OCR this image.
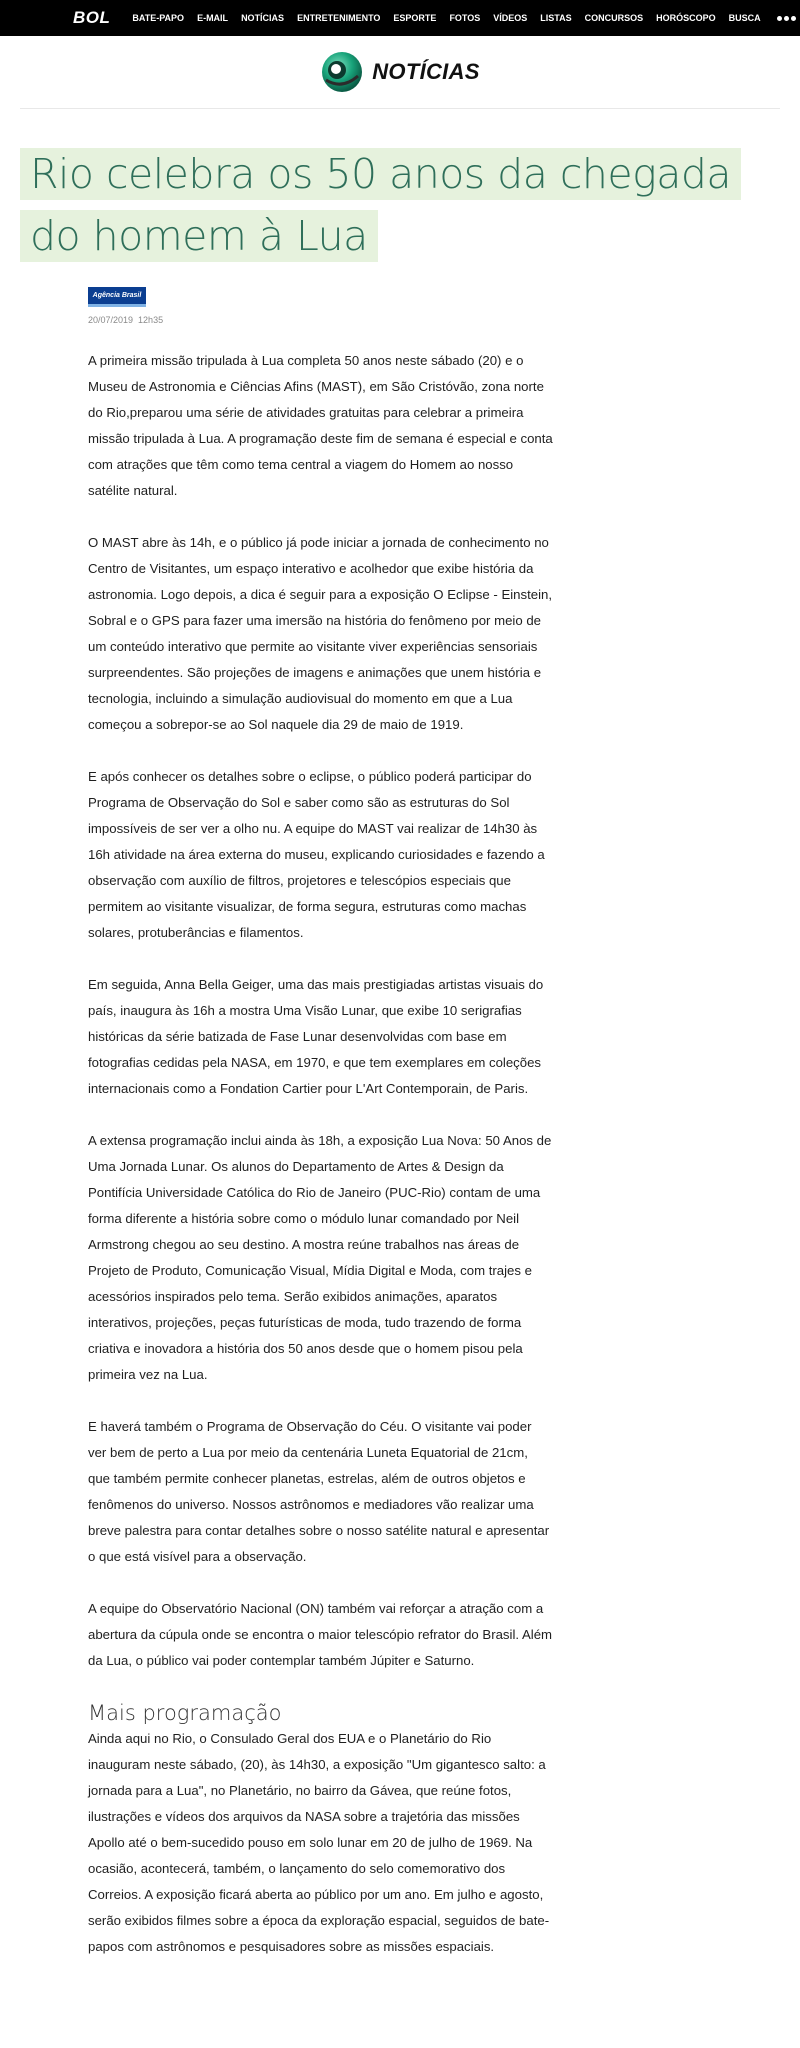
BOL BATE-PAPO E-MAIL NOTÍCIAS ENTRETENIMENTO ESPORTE FOTOS VÍDEOS LISTAS CONCURSOS HORÓSCOPO BUSCA
NOTÍCIAS
Rio celebra os 50 anos da chegada do homem à Lua
Agência Brasil
20/07/2019 12h35

A primeira missão tripulada à Lua completa 50 anos neste sábado (20) e o Museu de Astronomia e Ciências Afins (MAST), em São Cristóvão, zona norte do Rio,preparou uma série de atividades gratuitas para celebrar a primeira missão tripulada à Lua. A programação deste fim de semana é especial e conta com atrações que têm como tema central a viagem do Homem ao nosso satélite natural.

O MAST abre às 14h, e o público já pode iniciar a jornada de conhecimento no Centro de Visitantes, um espaço interativo e acolhedor que exibe história da astronomia. Logo depois, a dica é seguir para a exposição O Eclipse - Einstein, Sobral e o GPS para fazer uma imersão na história do fenômeno por meio de um conteúdo interativo que permite ao visitante viver experiências sensoriais surpreendentes. São projeções de imagens e animações que unem história e tecnologia, incluindo a simulação audiovisual do momento em que a Lua começou a sobrepor-se ao Sol naquele dia 29 de maio de 1919.

E após conhecer os detalhes sobre o eclipse, o público poderá participar do Programa de Observação do Sol e saber como são as estruturas do Sol impossíveis de ser ver a olho nu. A equipe do MAST vai realizar de 14h30 às 16h atividade na área externa do museu, explicando curiosidades e fazendo a observação com auxílio de filtros, projetores e telescópios especiais que permitem ao visitante visualizar, de forma segura, estruturas como machas solares, protuberâncias e filamentos.

Em seguida, Anna Bella Geiger, uma das mais prestigiadas artistas visuais do país, inaugura às 16h a mostra Uma Visão Lunar, que exibe 10 serigrafias históricas da série batizada de Fase Lunar desenvolvidas com base em fotografias cedidas pela NASA, em 1970, e que tem exemplares em coleções internacionais como a Fondation Cartier pour L'Art Contemporain, de Paris.

A extensa programação inclui ainda às 18h, a exposição Lua Nova: 50 Anos de Uma Jornada Lunar. Os alunos do Departamento de Artes & Design da Pontifícia Universidade Católica do Rio de Janeiro (PUC-Rio) contam de uma forma diferente a história sobre como o módulo lunar comandado por Neil Armstrong chegou ao seu destino. A mostra reúne trabalhos nas áreas de Projeto de Produto, Comunicação Visual, Mídia Digital e Moda, com trajes e acessórios inspirados pelo tema. Serão exibidos animações, aparatos interativos, projeções, peças futurísticas de moda, tudo trazendo de forma criativa e inovadora a história dos 50 anos desde que o homem pisou pela primeira vez na Lua.

E haverá também o Programa de Observação do Céu. O visitante vai poder ver bem de perto a Lua por meio da centenária Luneta Equatorial de 21cm, que também permite conhecer planetas, estrelas, além de outros objetos e fenômenos do universo. Nossos astrônomos e mediadores vão realizar uma breve palestra para contar detalhes sobre o nosso satélite natural e apresentar o que está visível para a observação.

A equipe do Observatório Nacional (ON) também vai reforçar a atração com a abertura da cúpula onde se encontra o maior telescópio refrator do Brasil. Além da Lua, o público vai poder contemplar também Júpiter e Saturno.

Mais programação

Ainda aqui no Rio, o Consulado Geral dos EUA e o Planetário do Rio inauguram neste sábado, (20), às 14h30, a exposição "Um gigantesco salto: a jornada para a Lua", no Planetário, no bairro da Gávea, que reúne fotos, ilustrações e vídeos dos arquivos da NASA sobre a trajetória das missões Apollo até o bem-sucedido pouso em solo lunar em 20 de julho de 1969. Na ocasião, acontecerá, também, o lançamento do selo comemorativo dos Correios. A exposição ficará aberta ao público por um ano. Em julho e agosto, serão exibidos filmes sobre a época da exploração espacial, seguidos de bate-papos com astrônomos e pesquisadores sobre as missões espaciais.
